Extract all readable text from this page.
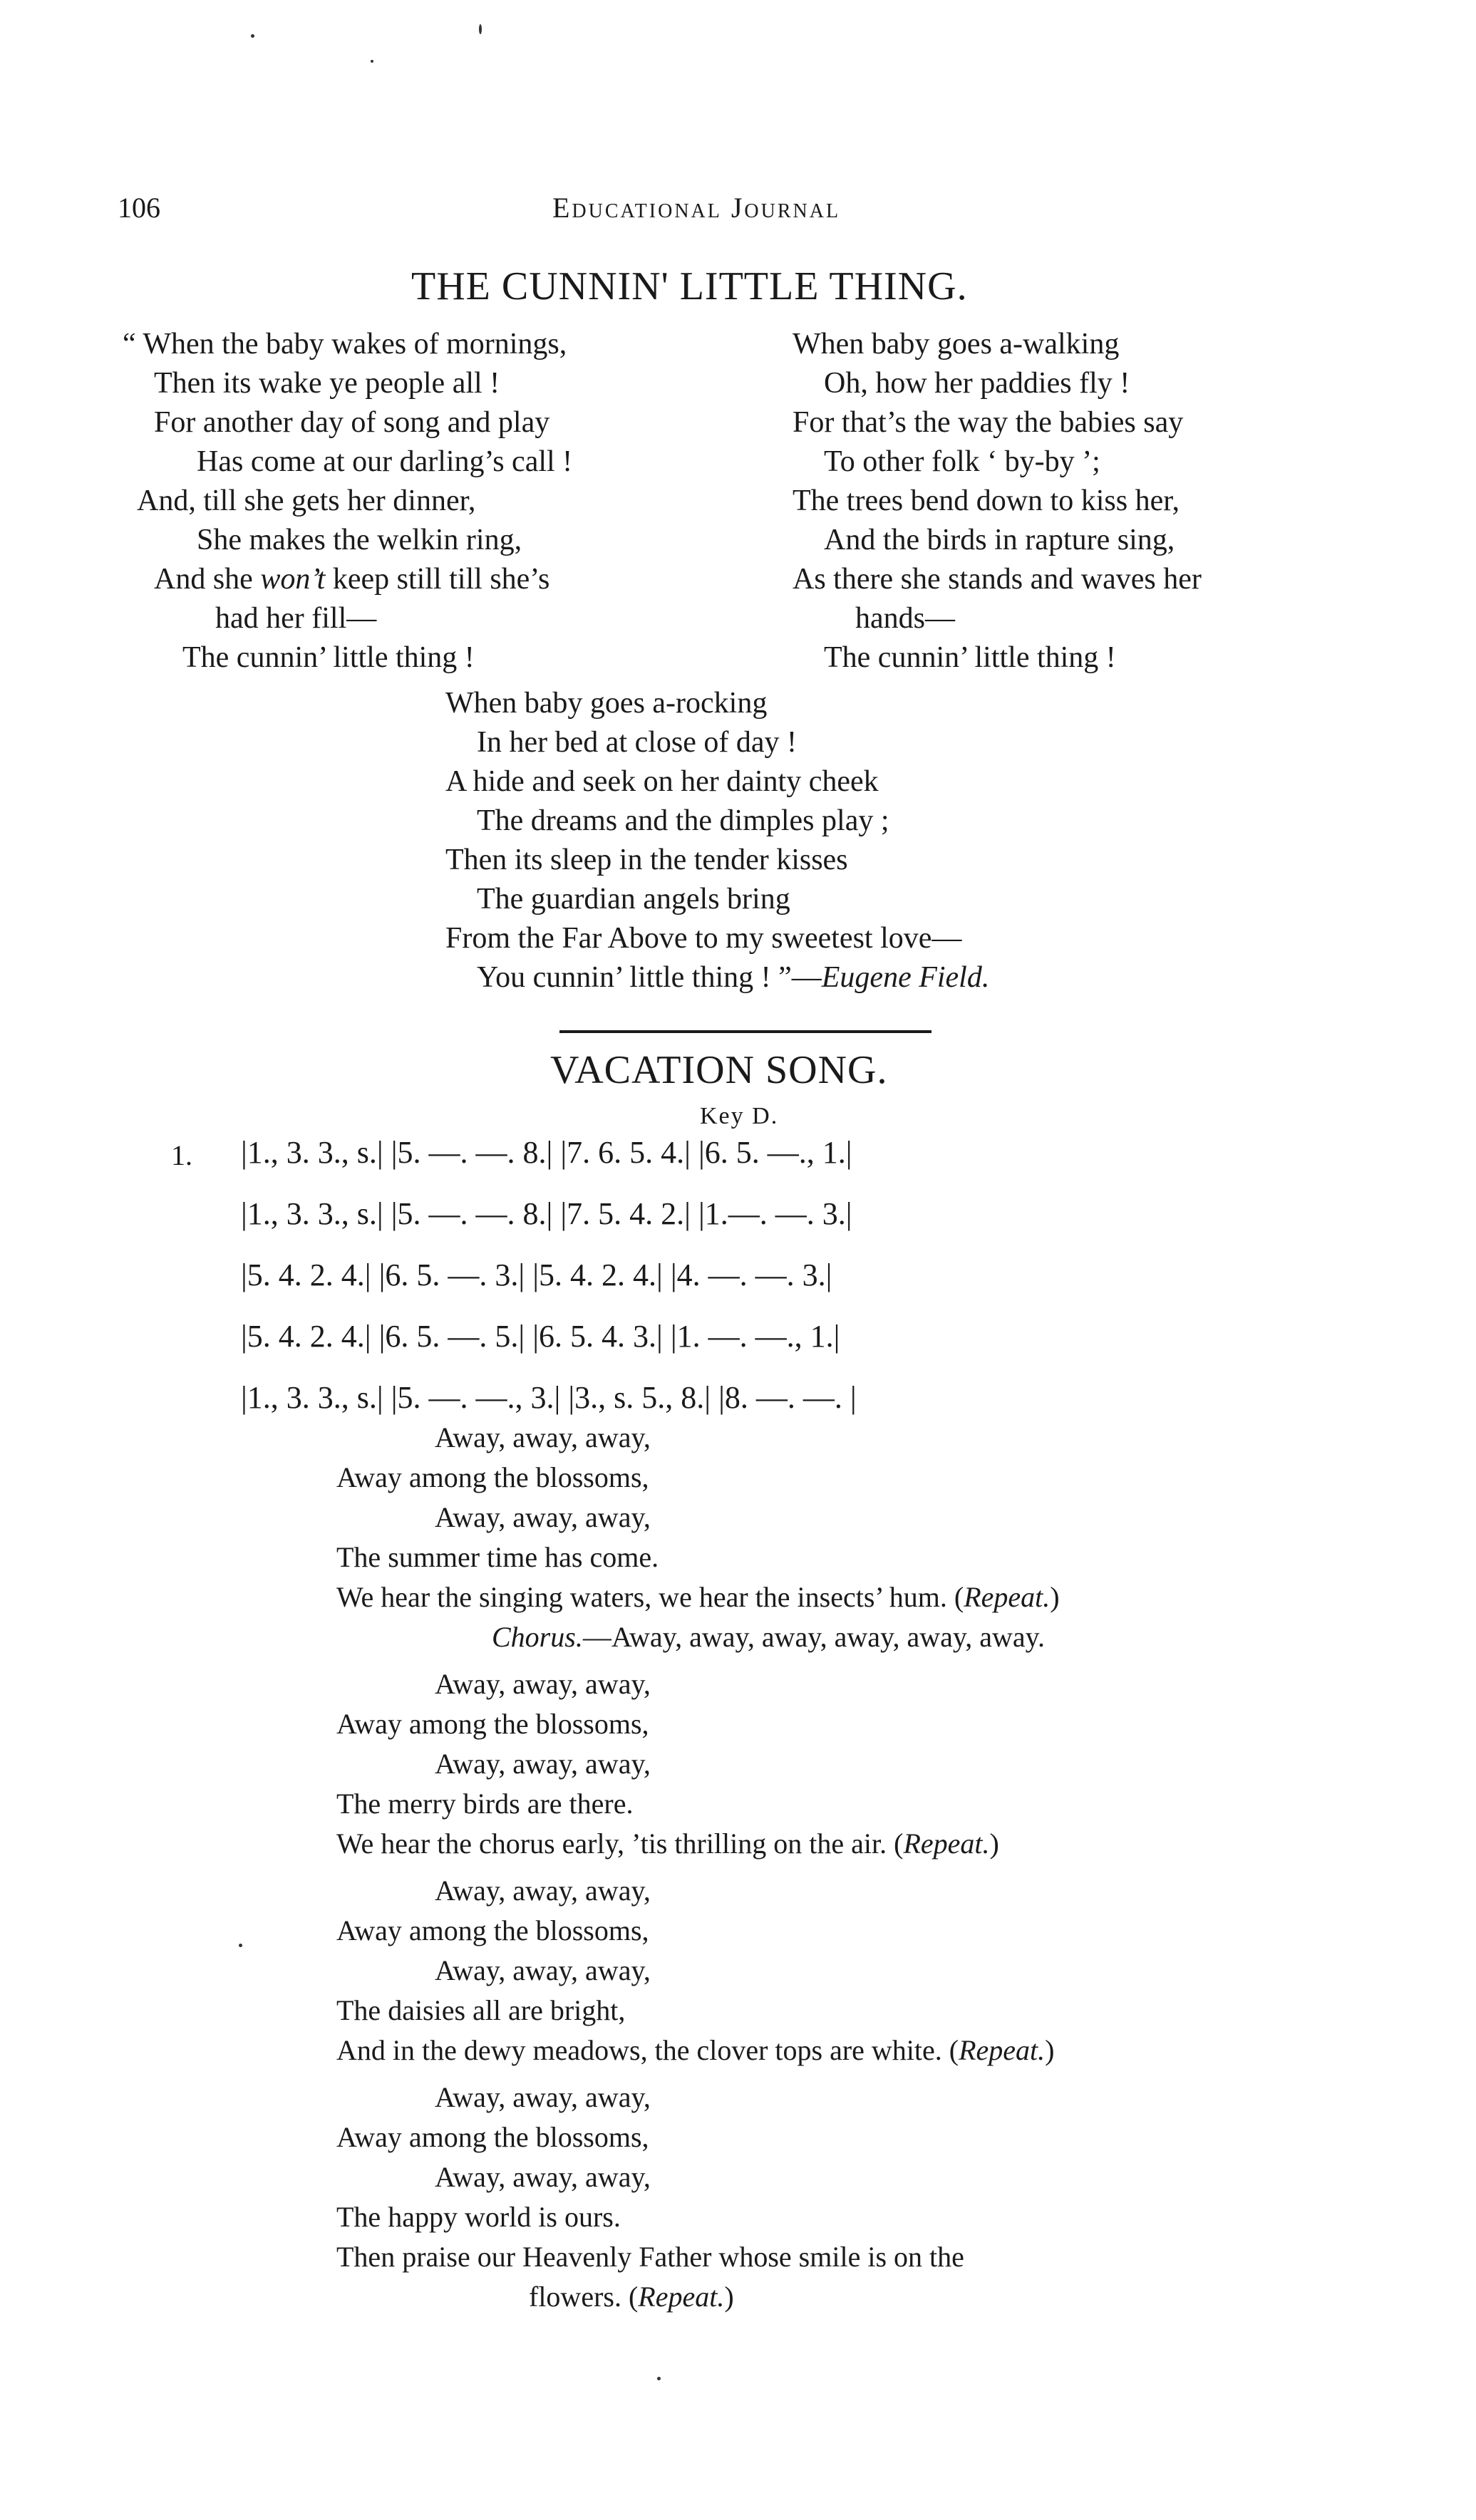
106	Educational Journal
THE CUNNIN' LITTLE THING.
“ When the baby wakes of mornings,
Then its wake ye people all !
For another day of song and play
Has come at our darling’s call !
And, till she gets her dinner,
She makes the welkin ring,
And she won’t keep still till she’s
had her fill—
The cunnin’ little thing !
When baby goes a-walking
Oh, how her paddies fly !
For that’s the way the babies say
To other folk ‘ by-by ’;
The trees bend down to kiss her,
And the birds in rapture sing,
As there she stands and waves her
hands—
The cunnin’ little thing !
When baby goes a-rocking
In her bed at close of day !
A hide and seek on her dainty cheek
The dreams and the dimples play ;
Then its sleep in the tender kisses
The guardian angels bring
From the Far Above to my sweetest love—
You cunnin’ little thing ! ”—Eugene Field.
VACATION SONG.
Key D.
1. |1., 3. 3., s.| |5. —. —. 8.| |7. 6. 5. 4.| |6. 5. —., 1.|
|1., 3. 3., s.| |5. —. —. 8.| |7. 5. 4. 2.| |1.—. —. 3.|
|5. 4. 2. 4.| |6. 5. —. 3.| |5. 4. 2. 4.| |4. —. —. 3.|
|5. 4. 2. 4.| |6. 5. —. 5.| |6. 5. 4. 3.| |1. —. —., 1.|
|1., 3. 3., s.| |5. —. —., 3.| |3., s. 5., 8.| |8. —. —. |
Away, away, away,
Away among the blossoms,
Away, away, away,
The summer time has come.
We hear the singing waters, we hear the insects’ hum. (Repeat.)
Chorus.—Away, away, away, away, away, away.
Away, away, away,
Away among the blossoms,
Away, away, away,
The merry birds are there.
We hear the chorus early, ’tis thrilling on the air. (Repeat.)
Away, away, away,
Away among the blossoms,
Away, away, away,
The daisies all are bright,
And in the dewy meadows, the clover tops are white. (Repeat.)
Away, away, away,
Away among the blossoms,
Away, away, away,
The happy world is ours.
Then praise our Heavenly Father whose smile is on the
flowers. (Repeat.)
